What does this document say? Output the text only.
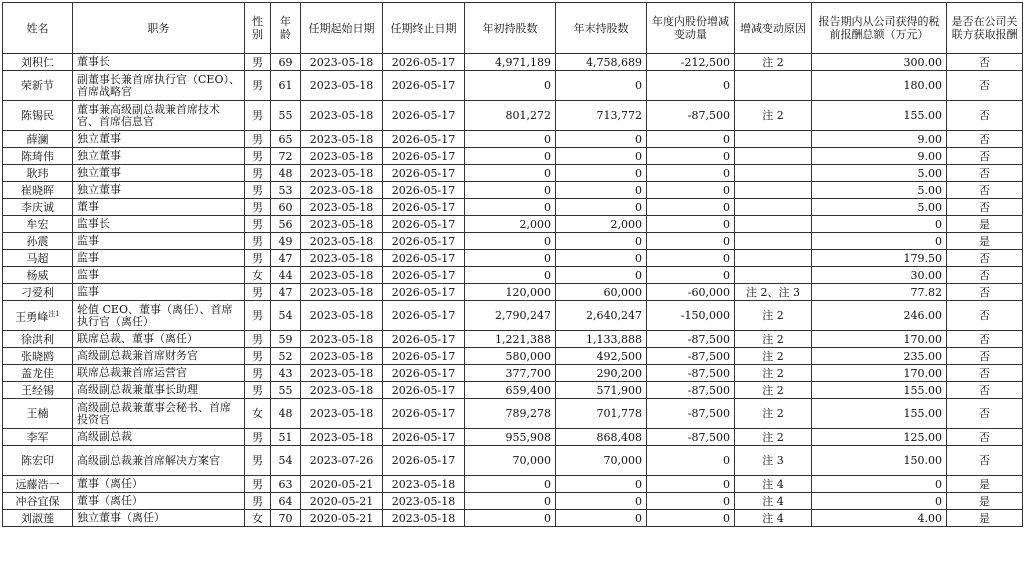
姓名	职务	性别	年龄	任期起始日期	任期终止日期	年初持股数	年末持股数	年度内股份增减变动量	增减变动原因	报告期内从公司获得的税前报酬总额（万元）	是否在公司关联方获取报酬
刘积仁	董事长	男	69	2023-05-18	2026-05-17	4,971,189	4,758,689	-212,500	注 2	300.00	否
荣新节	副董事长兼首席执行官（CEO）、首席战略官	男	61	2023-05-18	2026-05-17	0	0	0		180.00	否
陈锡民	董事兼高级副总裁兼首席技术官、首席信息官	男	55	2023-05-18	2026-05-17	801,272	713,772	-87,500	注 2	155.00	否
薛澜	独立董事	男	65	2023-05-18	2026-05-17	0	0	0		9.00	否
陈琦伟	独立董事	男	72	2023-05-18	2026-05-17	0	0	0		9.00	否
耿玮	独立董事	男	48	2023-05-18	2026-05-17	0	0	0		5.00	否
崔晓晖	独立董事	男	53	2023-05-18	2026-05-17	0	0	0		5.00	否
李庆诚	董事	男	60	2023-05-18	2026-05-17	0	0	0		5.00	否
牟宏	监事长	男	56	2023-05-18	2026-05-17	2,000	2,000	0		0	是
孙震	监事	男	49	2023-05-18	2026-05-17	0	0	0		0	是
马超	监事	男	47	2023-05-18	2026-05-17	0	0	0		179.50	否
杨威	监事	女	44	2023-05-18	2026-05-17	0	0	0		30.00	否
刁爱利	监事	男	47	2023-05-18	2026-05-17	120,000	60,000	-60,000	注 2、注 3	77.82	否
王勇峰$^{注1}$	轮值 CEO、董事（离任）、首席执行官（离任）	男	54	2023-05-18	2026-05-17	2,790,247	2,640,247	-150,000	注 2	246.00	否
徐洪利	联席总裁、董事（离任）	男	59	2023-05-18	2026-05-17	1,221,388	1,133,888	-87,500	注 2	170.00	否
张晓鸥	高级副总裁兼首席财务官	男	52	2023-05-18	2026-05-17	580,000	492,500	-87,500	注 2	235.00	否
盖龙佳	联席总裁兼首席运营官	男	43	2023-05-18	2026-05-17	377,700	290,200	-87,500	注 2	170.00	否
王经锡	高级副总裁兼董事长助理	男	55	2023-05-18	2026-05-17	659,400	571,900	-87,500	注 2	155.00	否
王楠	高级副总裁兼董事会秘书、首席投资官	女	48	2023-05-18	2026-05-17	789,278	701,778	-87,500	注 2	155.00	否
李军	高级副总裁	男	51	2023-05-18	2026-05-17	955,908	868,408	-87,500	注 2	125.00	否
陈宏印	高级副总裁兼首席解决方案官	男	54	2023-07-26	2026-05-17	70,000	70,000	0	注 3	150.00	否
远藤浩一	董事（离任）	男	63	2020-05-21	2023-05-18	0	0	0	注 4	0	是
冲谷宜保	董事（离任）	男	64	2020-05-21	2023-05-18	0	0	0	注 4	0	是
刘淑莲	独立董事（离任）	女	70	2020-05-21	2023-05-18	0	0	0	注 4	4.00	是
